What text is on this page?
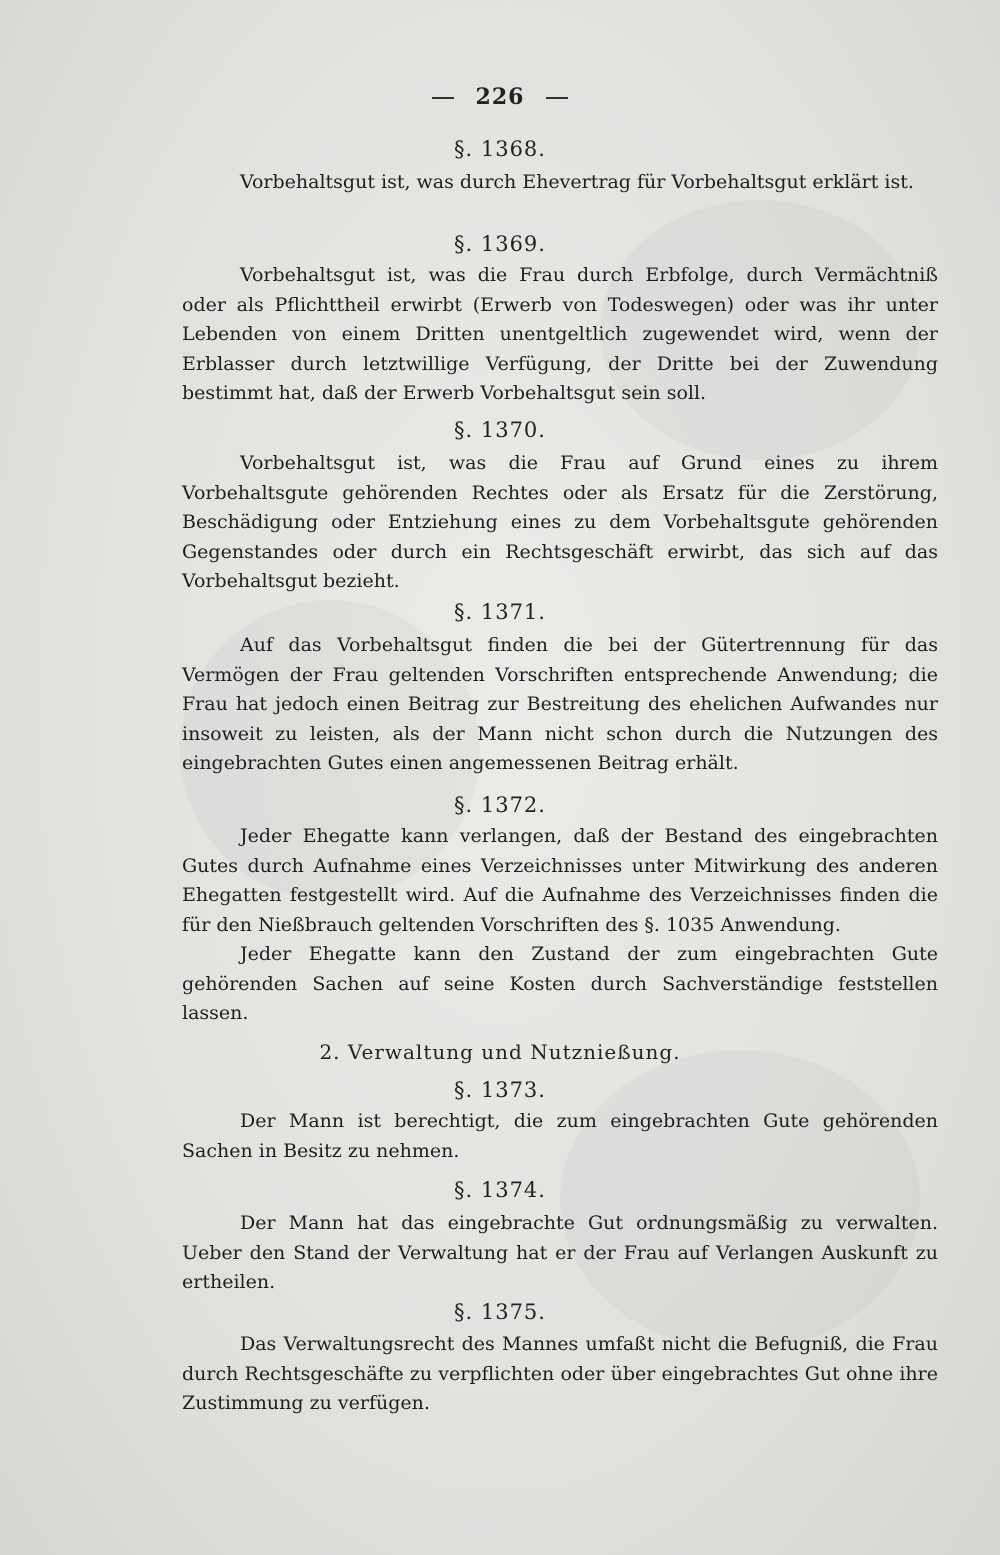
226
§. 1368.
Vorbehaltsgut ist, was durch Ehevertrag für Vorbehaltsgut erklärt ist.
§. 1369.
Vorbehaltsgut ist, was die Frau durch Erbfolge, durch Vermächtniß oder als Pflichttheil erwirbt (Erwerb von Todeswegen) oder was ihr unter Lebenden von einem Dritten unentgeltlich zugewendet wird, wenn der Erblasser durch letztwillige Verfügung, der Dritte bei der Zuwendung bestimmt hat, daß der Erwerb Vorbehaltsgut sein soll.
§. 1370.
Vorbehaltsgut ist, was die Frau auf Grund eines zu ihrem Vorbehaltsgute gehörenden Rechtes oder als Ersatz für die Zerstörung, Beschädigung oder Entziehung eines zu dem Vorbehaltsgute gehörenden Gegenstandes oder durch ein Rechtsgeschäft erwirbt, das sich auf das Vorbehaltsgut bezieht.
§. 1371.
Auf das Vorbehaltsgut finden die bei der Gütertrennung für das Vermögen der Frau geltenden Vorschriften entsprechende Anwendung; die Frau hat jedoch einen Beitrag zur Bestreitung des ehelichen Aufwandes nur insoweit zu leisten, als der Mann nicht schon durch die Nutzungen des eingebrachten Gutes einen angemessenen Beitrag erhält.
§. 1372.
Jeder Ehegatte kann verlangen, daß der Bestand des eingebrachten Gutes durch Aufnahme eines Verzeichnisses unter Mitwirkung des anderen Ehegatten festgestellt wird. Auf die Aufnahme des Verzeichnisses finden die für den Nießbrauch geltenden Vorschriften des §. 1035 Anwendung.
Jeder Ehegatte kann den Zustand der zum eingebrachten Gute gehörenden Sachen auf seine Kosten durch Sachverständige feststellen lassen.
2. Verwaltung und Nutznießung.
§. 1373.
Der Mann ist berechtigt, die zum eingebrachten Gute gehörenden Sachen in Besitz zu nehmen.
§. 1374.
Der Mann hat das eingebrachte Gut ordnungsmäßig zu verwalten. Ueber den Stand der Verwaltung hat er der Frau auf Verlangen Auskunft zu ertheilen.
§. 1375.
Das Verwaltungsrecht des Mannes umfaßt nicht die Befugniß, die Frau durch Rechtsgeschäfte zu verpflichten oder über eingebrachtes Gut ohne ihre Zustimmung zu verfügen.
